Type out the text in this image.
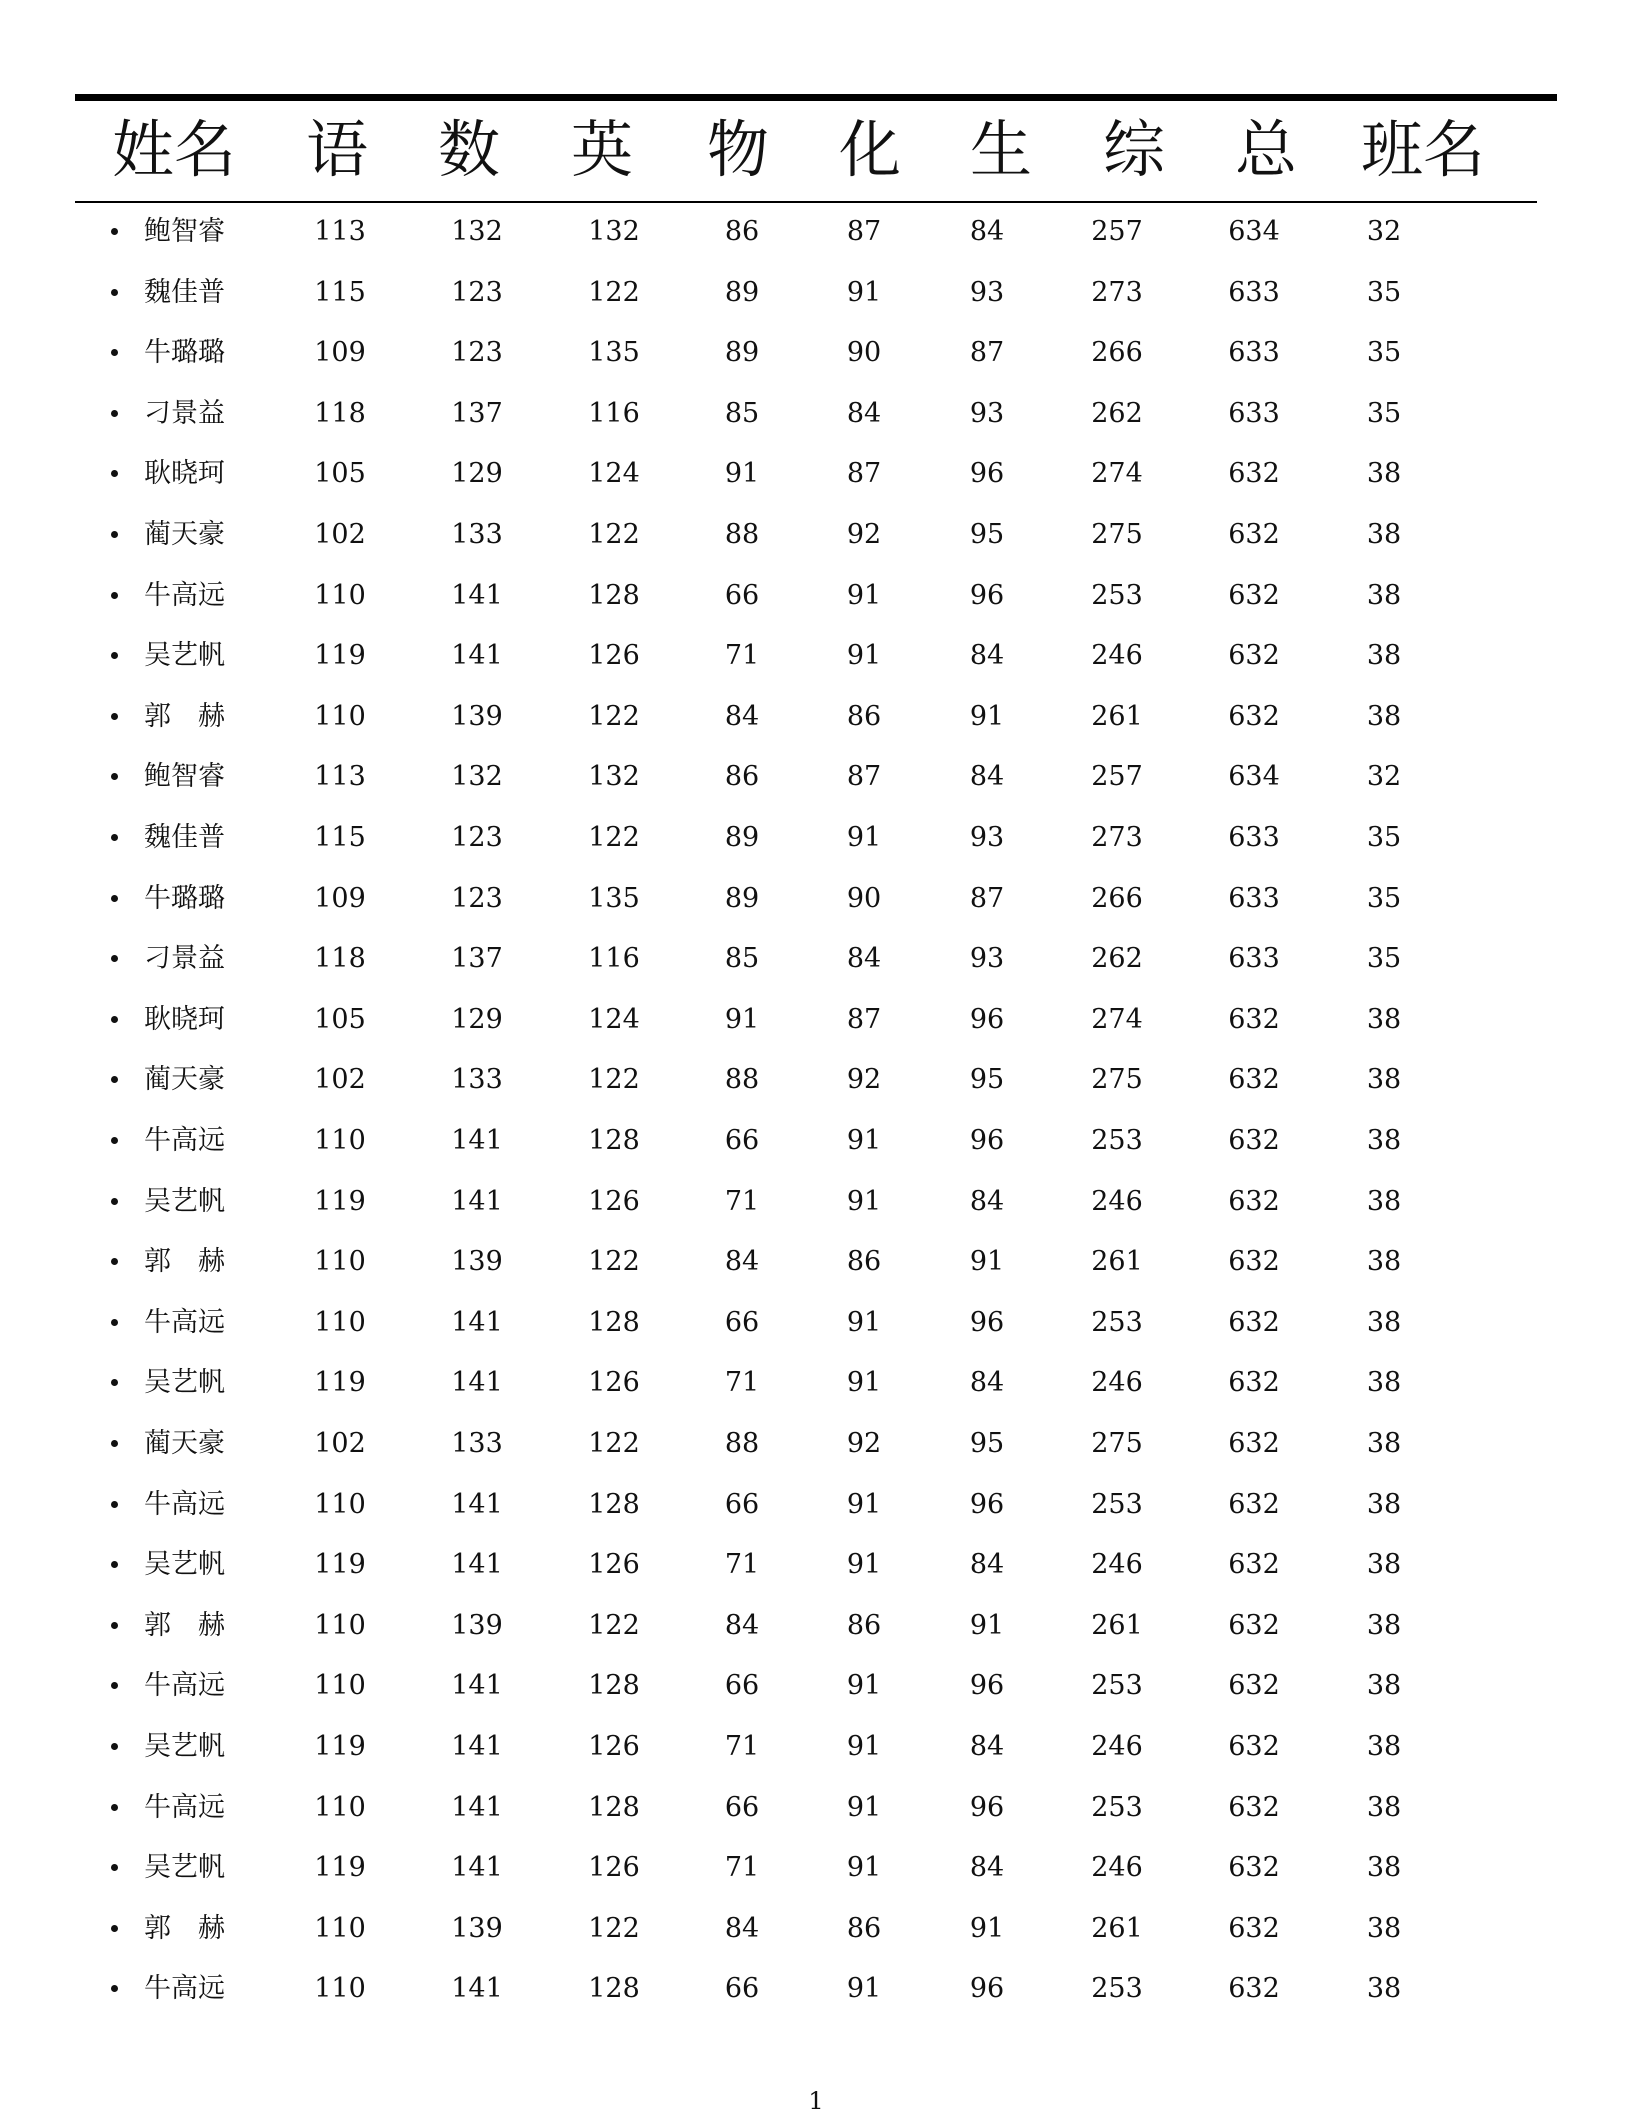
姓名 语 数 英 物 化 生 综 总 班名
鲍智睿	113	132	132	86	87	84	257	634	32
魏佳普	115	123	122	89	91	93	273	633	35
牛璐璐	109	123	135	89	90	87	266	633	35
刁景益	118	137	116	85	84	93	262	633	35
耿晓珂	105	129	124	91	87	96	274	632	38
蔺天豪	102	133	122	88	92	95	275	632	38
牛高远	110	141	128	66	91	96	253	632	38
吴艺帆	119	141	126	71	91	84	246	632	38
郭　赫	110	139	122	84	86	91	261	632	38
鲍智睿	113	132	132	86	87	84	257	634	32
魏佳普	115	123	122	89	91	93	273	633	35
牛璐璐	109	123	135	89	90	87	266	633	35
刁景益	118	137	116	85	84	93	262	633	35
耿晓珂	105	129	124	91	87	96	274	632	38
蔺天豪	102	133	122	88	92	95	275	632	38
牛高远	110	141	128	66	91	96	253	632	38
吴艺帆	119	141	126	71	91	84	246	632	38
郭　赫	110	139	122	84	86	91	261	632	38
牛高远	110	141	128	66	91	96	253	632	38
吴艺帆	119	141	126	71	91	84	246	632	38
蔺天豪	102	133	122	88	92	95	275	632	38
牛高远	110	141	128	66	91	96	253	632	38
吴艺帆	119	141	126	71	91	84	246	632	38
郭　赫	110	139	122	84	86	91	261	632	38
牛高远	110	141	128	66	91	96	253	632	38
吴艺帆	119	141	126	71	91	84	246	632	38
牛高远	110	141	128	66	91	96	253	632	38
吴艺帆	119	141	126	71	91	84	246	632	38
郭　赫	110	139	122	84	86	91	261	632	38
牛高远	110	141	128	66	91	96	253	632	38
1
